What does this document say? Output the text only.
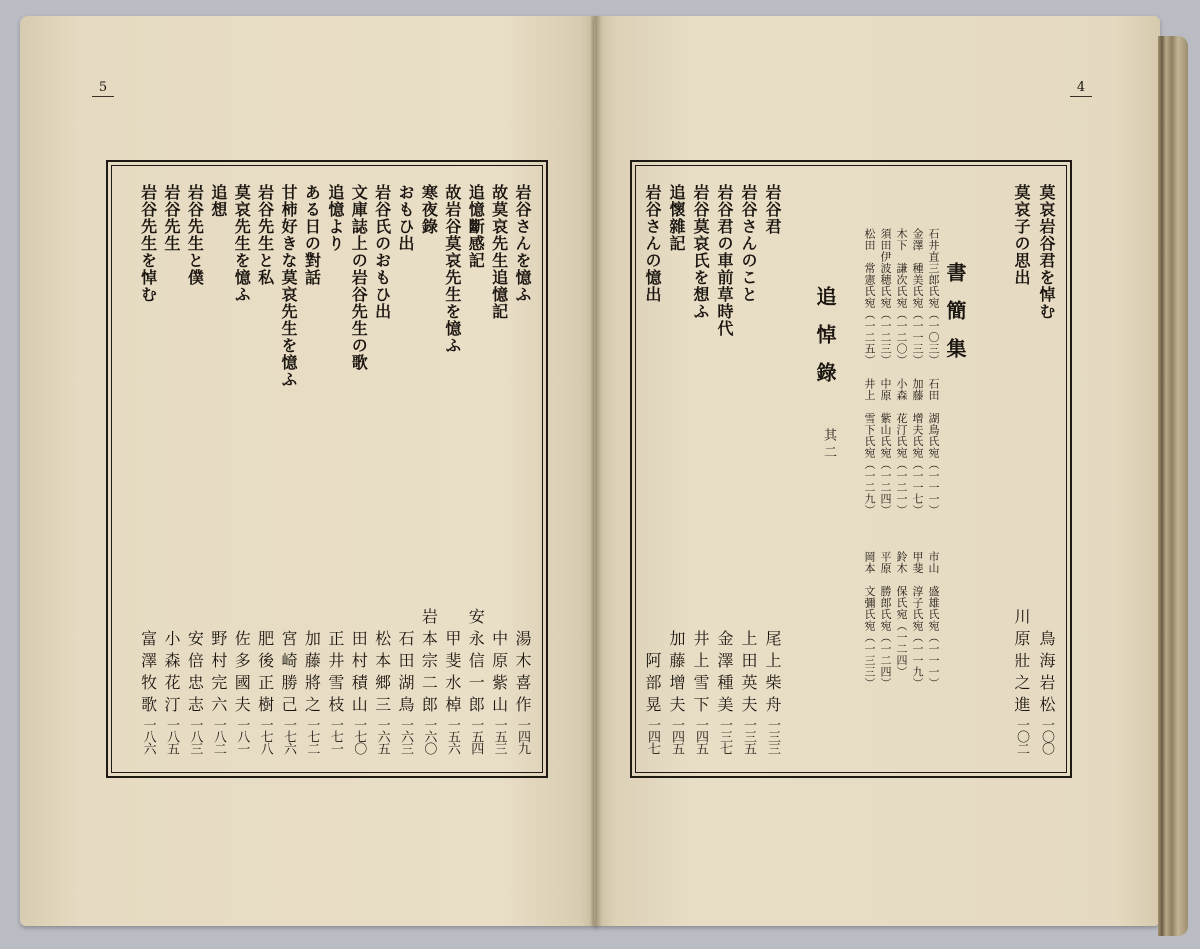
5
岩谷さんを憶ふ
湯木喜作
一四九
故莫哀先生追憶記
中原紫山
一五三
追憶斷感記
安永信一郎
一五四
故岩谷莫哀先生を憶ふ
甲斐水棹
一五六
寒夜錄
岩本宗二郎
一六〇
おもひ出
石田湖鳥
一六三
岩谷氏のおもひ出
松本郷三
一六五
文庫誌上の岩谷先生の歌
田村積山
一七〇
追憶より
正井雪枝
一七一
ある日の對話
加藤將之
一七二
甘柿好きな莫哀先生を憶ふ
宮崎勝己
一七六
岩谷先生と私
肥後正樹
一七八
莫哀先生を憶ふ
佐多國夫
一八一
追想
野村完六
一八二
岩谷先生と僕
安倍忠志
一八三
岩谷先生
小森花汀
一八五
岩谷先生を悼む
富澤牧歌
一八六
4
書簡集
追悼錄
其二
莫哀岩谷君を悼む
鳥海岩松
一〇〇
莫哀子の思出
川原壯之進
一〇二
石井直三郎氏宛（一〇三）
石田　湖鳥氏宛（一一一）
市山　盛雄氏宛（一一一）
金澤　種美氏宛（一一三）
加藤　增夫氏宛（一一七）
甲斐　淳子氏宛（一一九）
木下　謙次氏宛（一二〇）
小森　花汀氏宛（一二一）
鈴木　保氏宛（一二四）
須田伊波穂氏宛（一二三）
中原　紫山氏宛（一二四）
平原　勝郎氏宛（一二四）
松田　常憲氏宛（一二五）
井上　雪下氏宛（一二九）
岡本　文彌氏宛（一三三）
岩谷君
尾上柴舟
一三三
岩谷さんのこと
上田英夫
一三五
岩谷君の車前草時代
金澤種美
一三七
岩谷莫哀氏を想ふ
井上雪下
一四五
追懷雜記
加藤增夫
一四五
岩谷さんの憶出
阿部晃
一四七
